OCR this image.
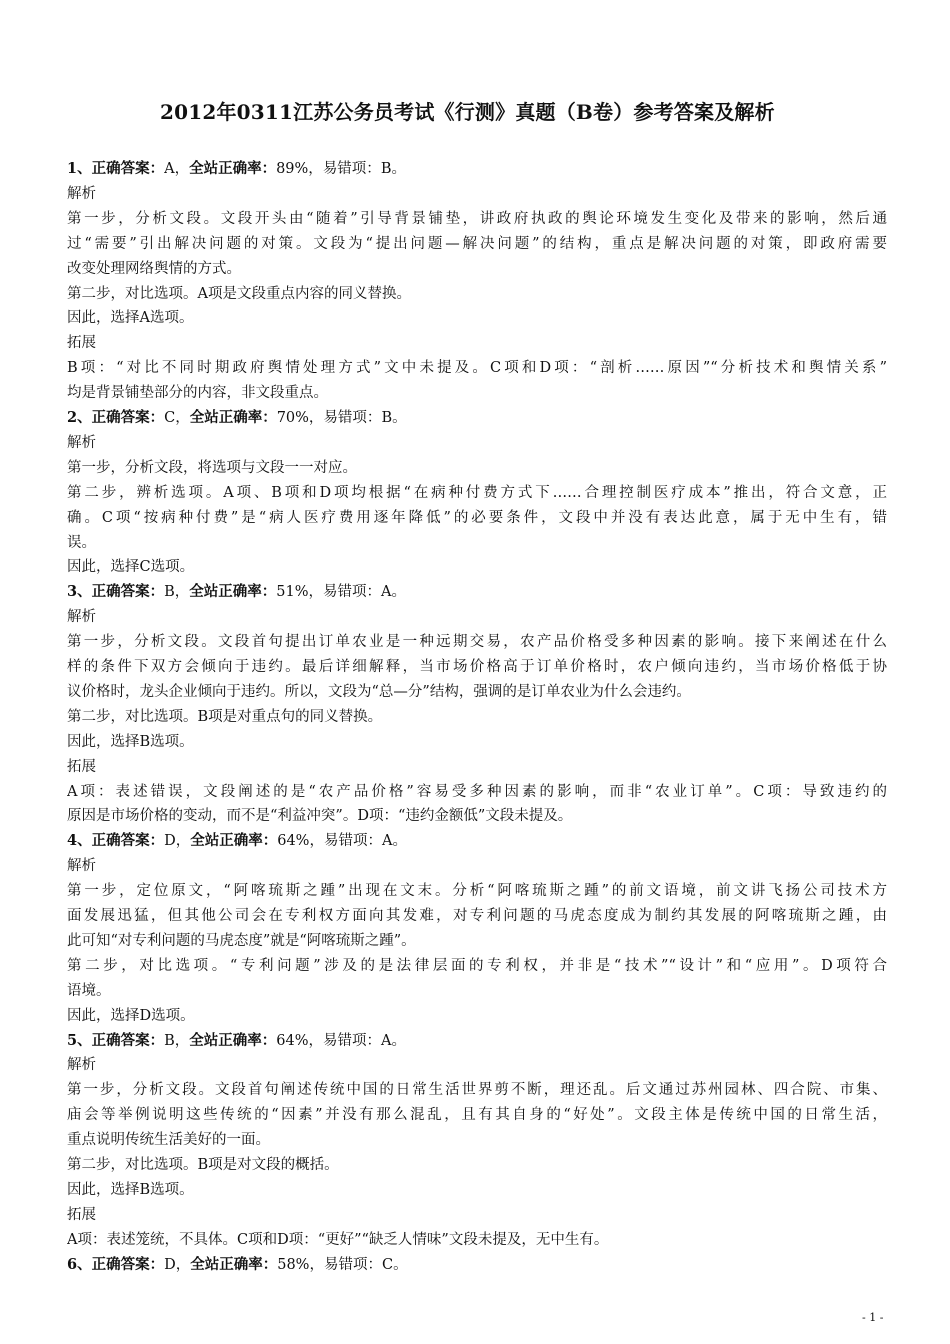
2012年0311江苏公务员考试《行测》真题（B卷）参考答案及解析
1、正确答案：A，全站正确率：89%，易错项：B。
解析
第一步，分析文段。文段开头由“随着”引导背景铺垫，讲政府执政的舆论环境发生变化及带来的影响，然后通
过“需要”引出解决问题的对策。文段为“提出问题—解决问题”的结构，重点是解决问题的对策，即政府需要
改变处理网络舆情的方式。
第二步，对比选项。A项是文段重点内容的同义替换。
因此，选择A选项。
拓展
B项：“对比不同时期政府舆情处理方式”文中未提及。C项和D项：“剖析……原因”“分析技术和舆情关系”
均是背景铺垫部分的内容，非文段重点。
2、正确答案：C，全站正确率：70%，易错项：B。
解析
第一步，分析文段，将选项与文段一一对应。
第二步，辨析选项。A项、B项和D项均根据“在病种付费方式下……合理控制医疗成本”推出，符合文意，正
确。C项“按病种付费”是“病人医疗费用逐年降低”的必要条件，文段中并没有表达此意，属于无中生有，错
误。
因此，选择C选项。
3、正确答案：B，全站正确率：51%，易错项：A。
解析
第一步，分析文段。文段首句提出订单农业是一种远期交易，农产品价格受多种因素的影响。接下来阐述在什么
样的条件下双方会倾向于违约。最后详细解释，当市场价格高于订单价格时，农户倾向违约，当市场价格低于协
议价格时，龙头企业倾向于违约。所以，文段为“总—分”结构，强调的是订单农业为什么会违约。
第二步，对比选项。B项是对重点句的同义替换。
因此，选择B选项。
拓展
A项：表述错误，文段阐述的是“农产品价格”容易受多种因素的影响，而非“农业订单”。C项：导致违约的
原因是市场价格的变动，而不是“利益冲突”。D项：“违约金额低”文段未提及。
4、正确答案：D，全站正确率：64%，易错项：A。
解析
第一步，定位原文，“阿喀琉斯之踵”出现在文末。分析“阿喀琉斯之踵”的前文语境，前文讲飞扬公司技术方
面发展迅猛，但其他公司会在专利权方面向其发难，对专利问题的马虎态度成为制约其发展的阿喀琉斯之踵，由
此可知“对专利问题的马虎态度”就是“阿喀琉斯之踵”。
第二步，对比选项。“专利问题”涉及的是法律层面的专利权，并非是“技术”“设计”和“应用”。D项符合
语境。
因此，选择D选项。
5、正确答案：B，全站正确率：64%，易错项：A。
解析
第一步，分析文段。文段首句阐述传统中国的日常生活世界剪不断，理还乱。后文通过苏州园林、四合院、市集、
庙会等举例说明这些传统的“因素”并没有那么混乱，且有其自身的“好处”。文段主体是传统中国的日常生活，
重点说明传统生活美好的一面。
第二步，对比选项。B项是对文段的概括。
因此，选择B选项。
拓展
A项：表述笼统，不具体。C项和D项：“更好”“缺乏人情味”文段未提及，无中生有。
6、正确答案：D，全站正确率：58%，易错项：C。
- 1 -
